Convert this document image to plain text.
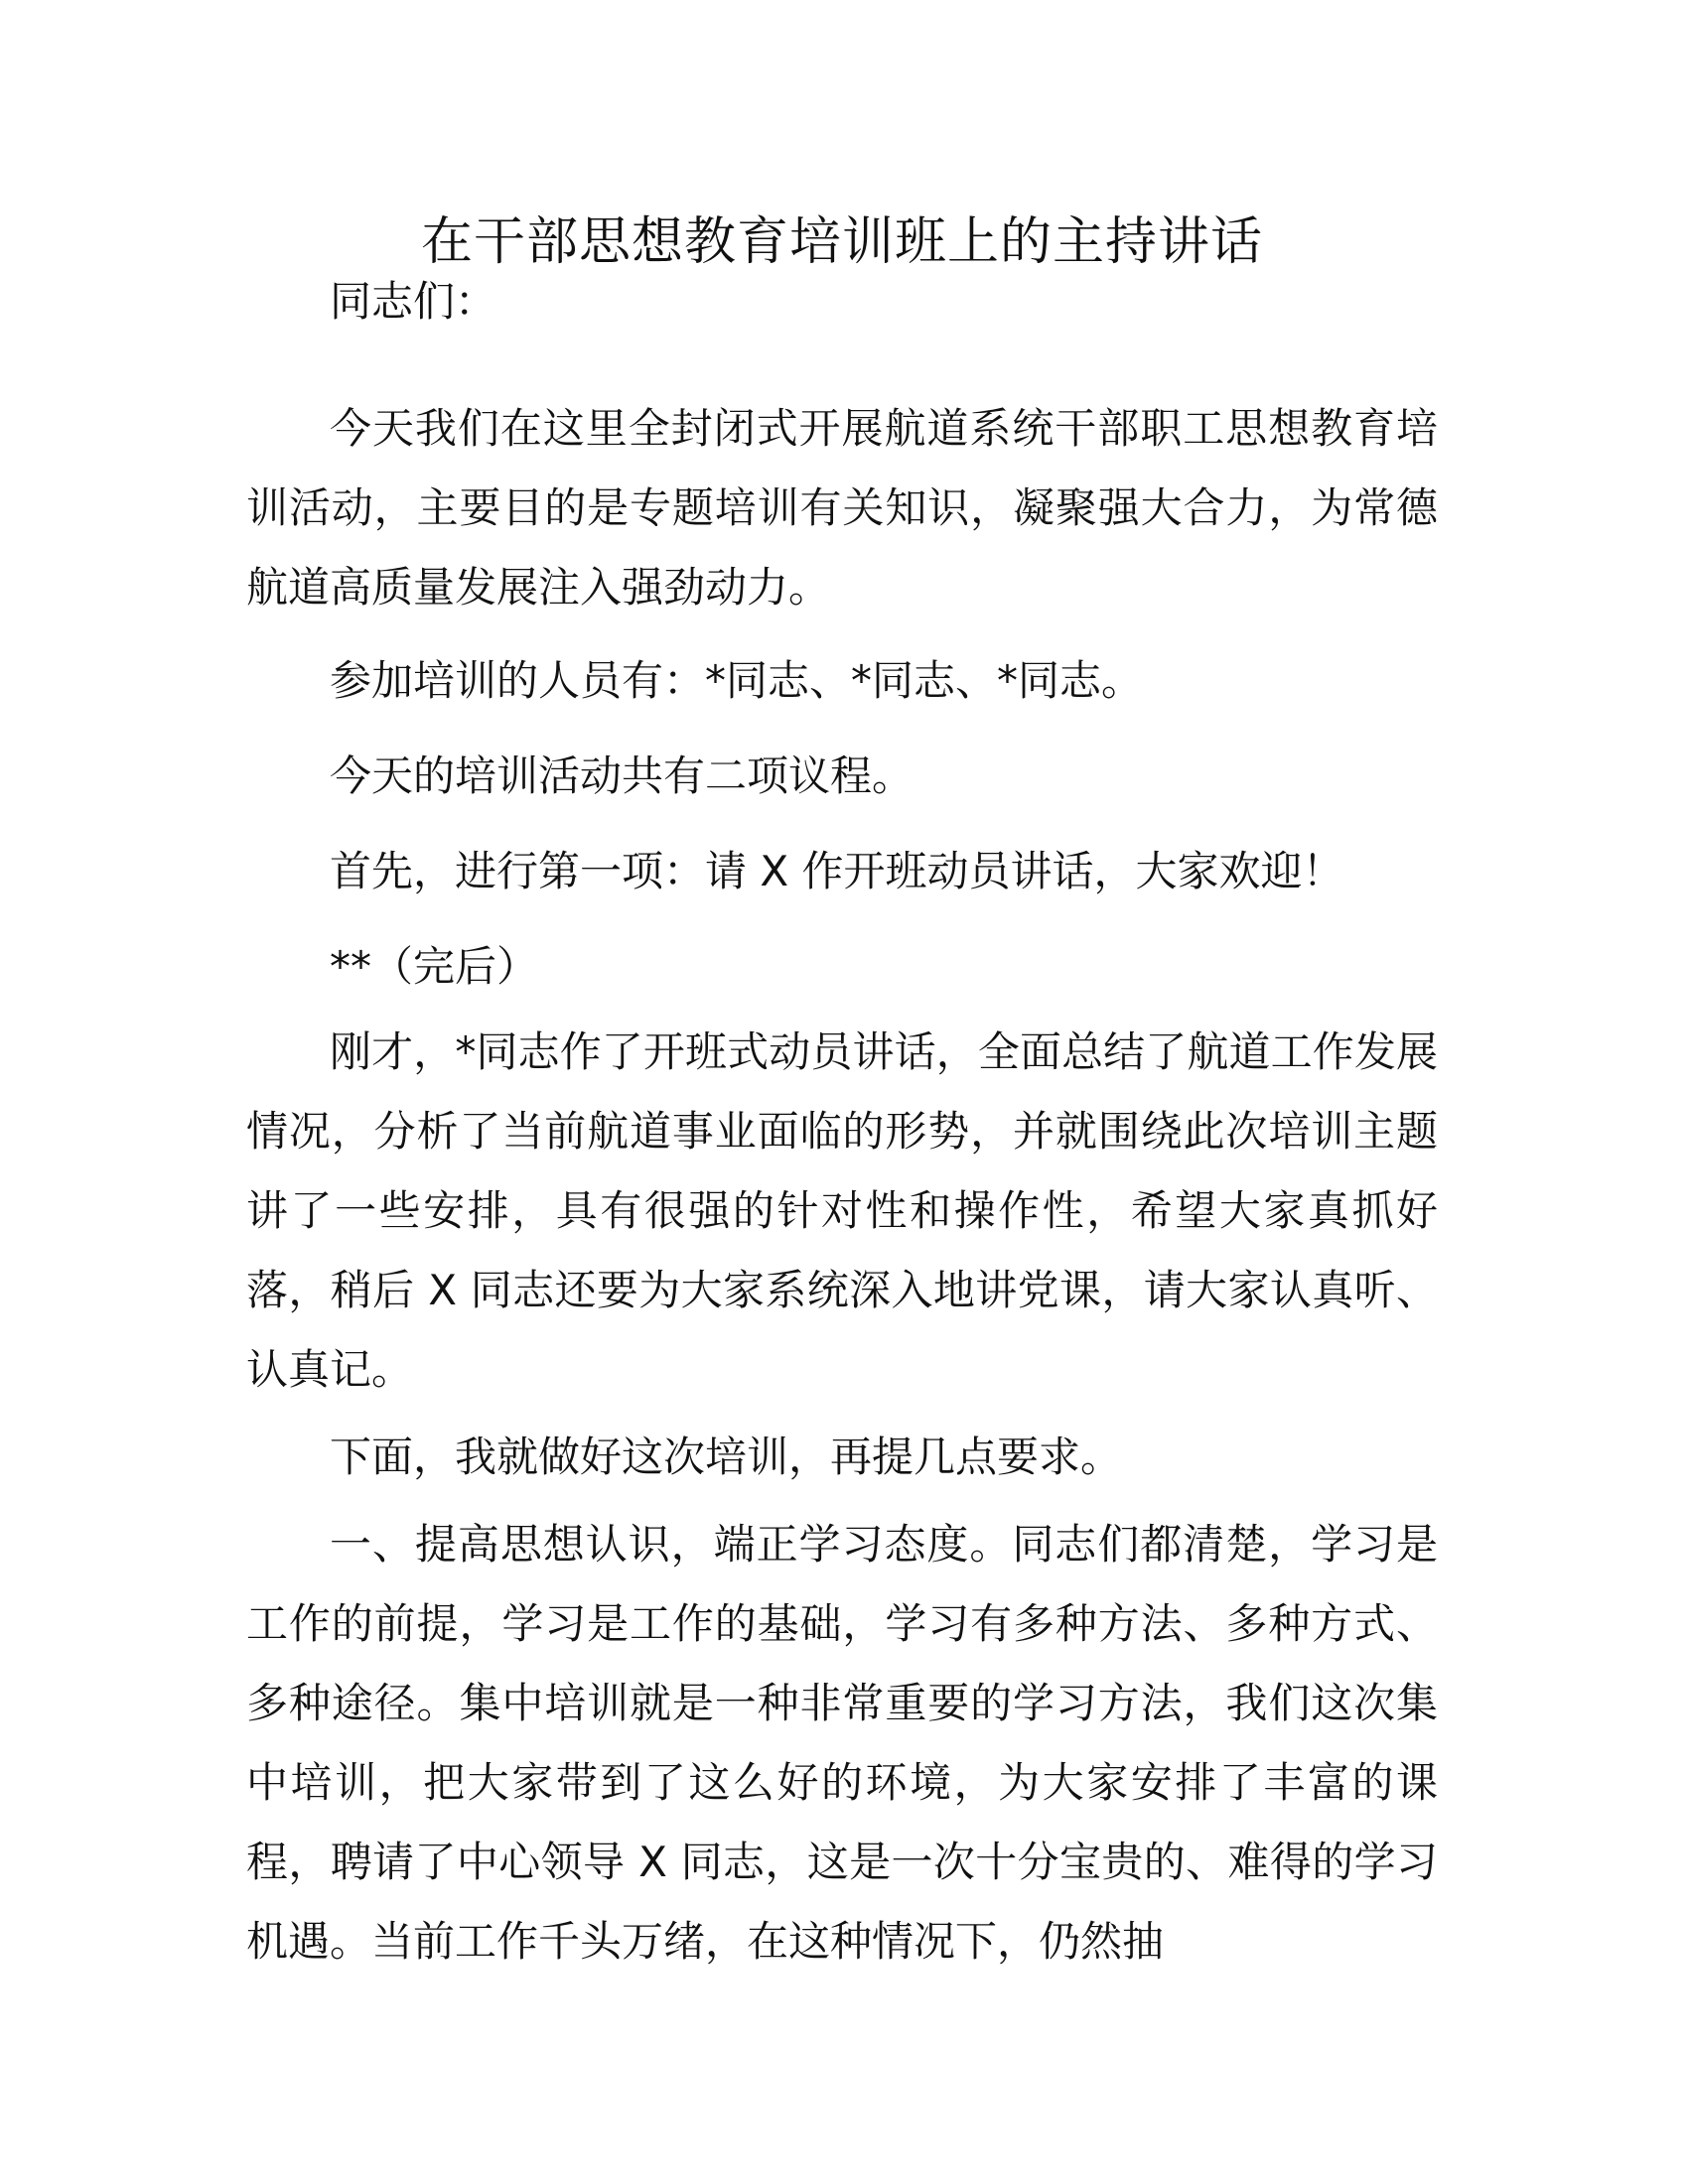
在干部思想教育培训班上的主持讲话

同志们：

今天我们在这里全封闭式开展航道系统干部职工思想教育培训活动，主要目的是专题培训有关知识，凝聚强大合力，为常德航道高质量发展注入强劲动力。

参加培训的人员有：*同志、*同志、*同志。

今天的培训活动共有二项议程。

首先，进行第一项：请 X 作开班动员讲话，大家欢迎！

**（完后）

刚才，*同志作了开班式动员讲话，全面总结了航道工作发展情况，分析了当前航道事业面临的形势，并就围绕此次培训主题讲了一些安排，具有很强的针对性和操作性，希望大家真抓好落，稍后 X 同志还要为大家系统深入地讲党课，请大家认真听、认真记。

下面，我就做好这次培训，再提几点要求。

一、提高思想认识，端正学习态度。同志们都清楚，学习是工作的前提，学习是工作的基础，学习有多种方法、多种方式、多种途径。集中培训就是一种非常重要的学习方法，我们这次集中培训，把大家带到了这么好的环境，为大家安排了丰富的课程，聘请了中心领导 X 同志，这是一次十分宝贵的、难得的学习机遇。当前工作千头万绪，在这种情况下，仍然抽
